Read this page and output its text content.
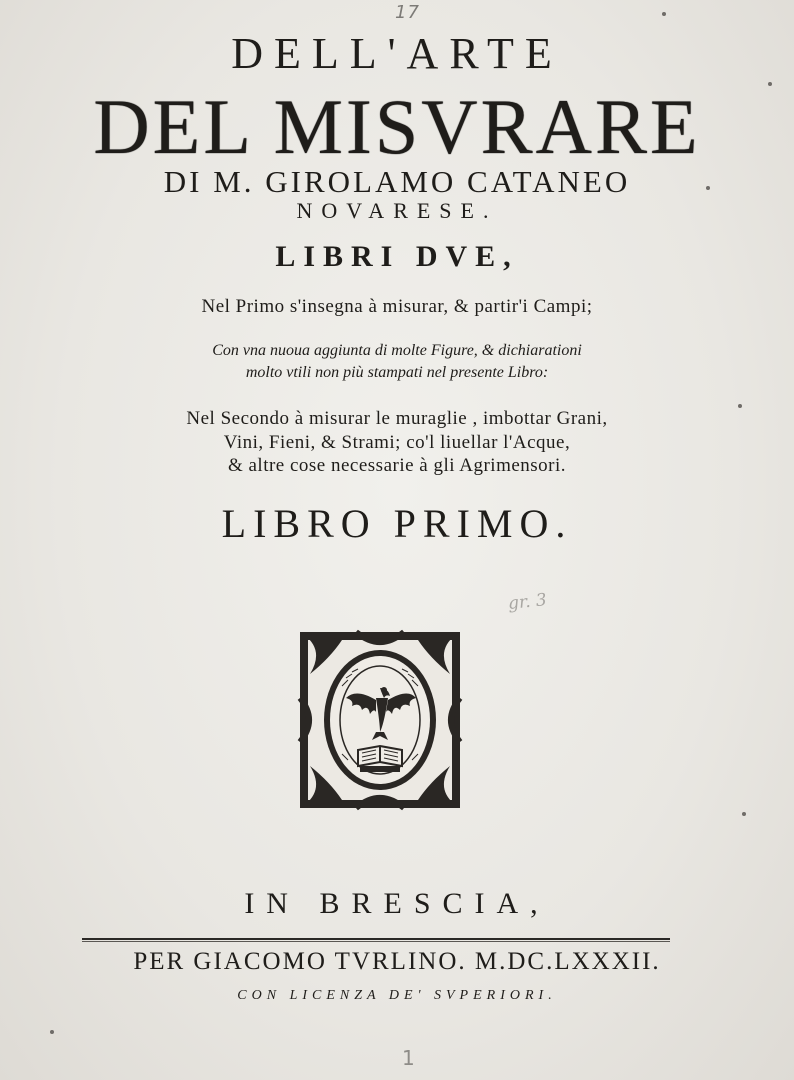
17
DELL'ARTE
DEL MISVRARE
DI M. GIROLAMO CATANEO
NOVARESE.
LIBRI DVE,
Nel Primo s'insegna à misurar, & partir'i Campi;
Con vna nuoua aggiunta di molte Figure, & dichiarationi
molto vtili non più stampati nel presente Libro:
Nel Secondo à misurar le muraglie , imbottar Grani,
Vini, Fieni, & Strami; co'l liuellar l'Acque,
& altre cose necessarie à gli Agrimensori.
LIBRO PRIMO.
gr. 3
IN BRESCIA,
PER GIACOMO TVRLINO. M.DC.LXXXII.
CON LICENZA DE' SVPERIORI.
1
